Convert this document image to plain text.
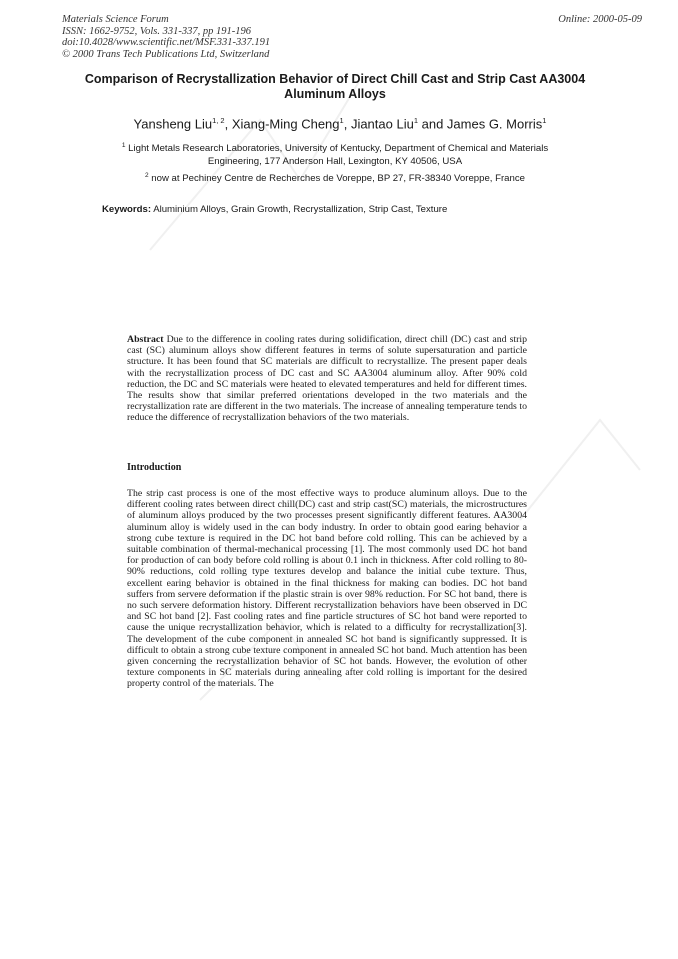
Materials Science Forum
ISSN: 1662-9752, Vols. 331-337, pp 191-196
doi:10.4028/www.scientific.net/MSF.331-337.191
© 2000 Trans Tech Publications Ltd, Switzerland
Online: 2000-05-09
Comparison of Recrystallization Behavior of Direct Chill Cast and Strip Cast AA3004 Aluminum Alloys
Yansheng Liu$^{1, 2}$, Xiang-Ming Cheng$^1$, Jiantao Liu$^1$ and James G. Morris$^1$
$^1$ Light Metals Research Laboratories, University of Kentucky, Department of Chemical and Materials Engineering, 177 Anderson Hall, Lexington, KY 40506, USA
$^2$ now at Pechiney Centre de Recherches de Voreppe, BP 27, FR-38340 Voreppe, France
Keywords: Aluminium Alloys, Grain Growth, Recrystallization, Strip Cast, Texture
Abstract Due to the difference in cooling rates during solidification, direct chill (DC) cast and strip cast (SC) aluminum alloys show different features in terms of solute supersaturation and particle structure. It has been found that SC materials are difficult to recrystallize. The present paper deals with the recrystallization process of DC cast and SC AA3004 aluminum alloy. After 90% cold reduction, the DC and SC materials were heated to elevated temperatures and held for different times. The results show that similar preferred orientations developed in the two materials and the recrystallization rate are different in the two materials. The increase of annealing temperature tends to reduce the difference of recrystallization behaviors of the two materials.
Introduction
The strip cast process is one of the most effective ways to produce aluminum alloys. Due to the different cooling rates between direct chill(DC) cast and strip cast(SC) materials, the microstructures of aluminum alloys produced by the two processes present significantly different features. AA3004 aluminum alloy is widely used in the can body industry. In order to obtain good earing behavior a strong cube texture is required in the DC hot band before cold rolling. This can be achieved by a suitable combination of thermal-mechanical processing [1]. The most commonly used DC hot band for production of can body before cold rolling is about 0.1 inch in thickness. After cold rolling to 80-90% reductions, cold rolling type textures develop and balance the initial cube texture. Thus, excellent earing behavior is obtained in the final thickness for making can bodies. DC hot band suffers from servere deformation if the plastic strain is over 98% reduction. For SC hot band, there is no such servere deformation history. Different recrystallization behaviors have been observed in DC and SC hot band [2]. Fast cooling rates and fine particle structures of SC hot band were reported to cause the unique recrystallization behavior, which is related to a difficulty for recrystallization[3]. The development of the cube component in annealed SC hot band is significantly suppressed. It is difficult to obtain a strong cube texture component in annealed SC hot band. Much attention has been given concerning the recrystallization behavior of SC hot bands. However, the evolution of other texture components in SC materials during annealing after cold rolling is important for the desired property control of the materials. The
